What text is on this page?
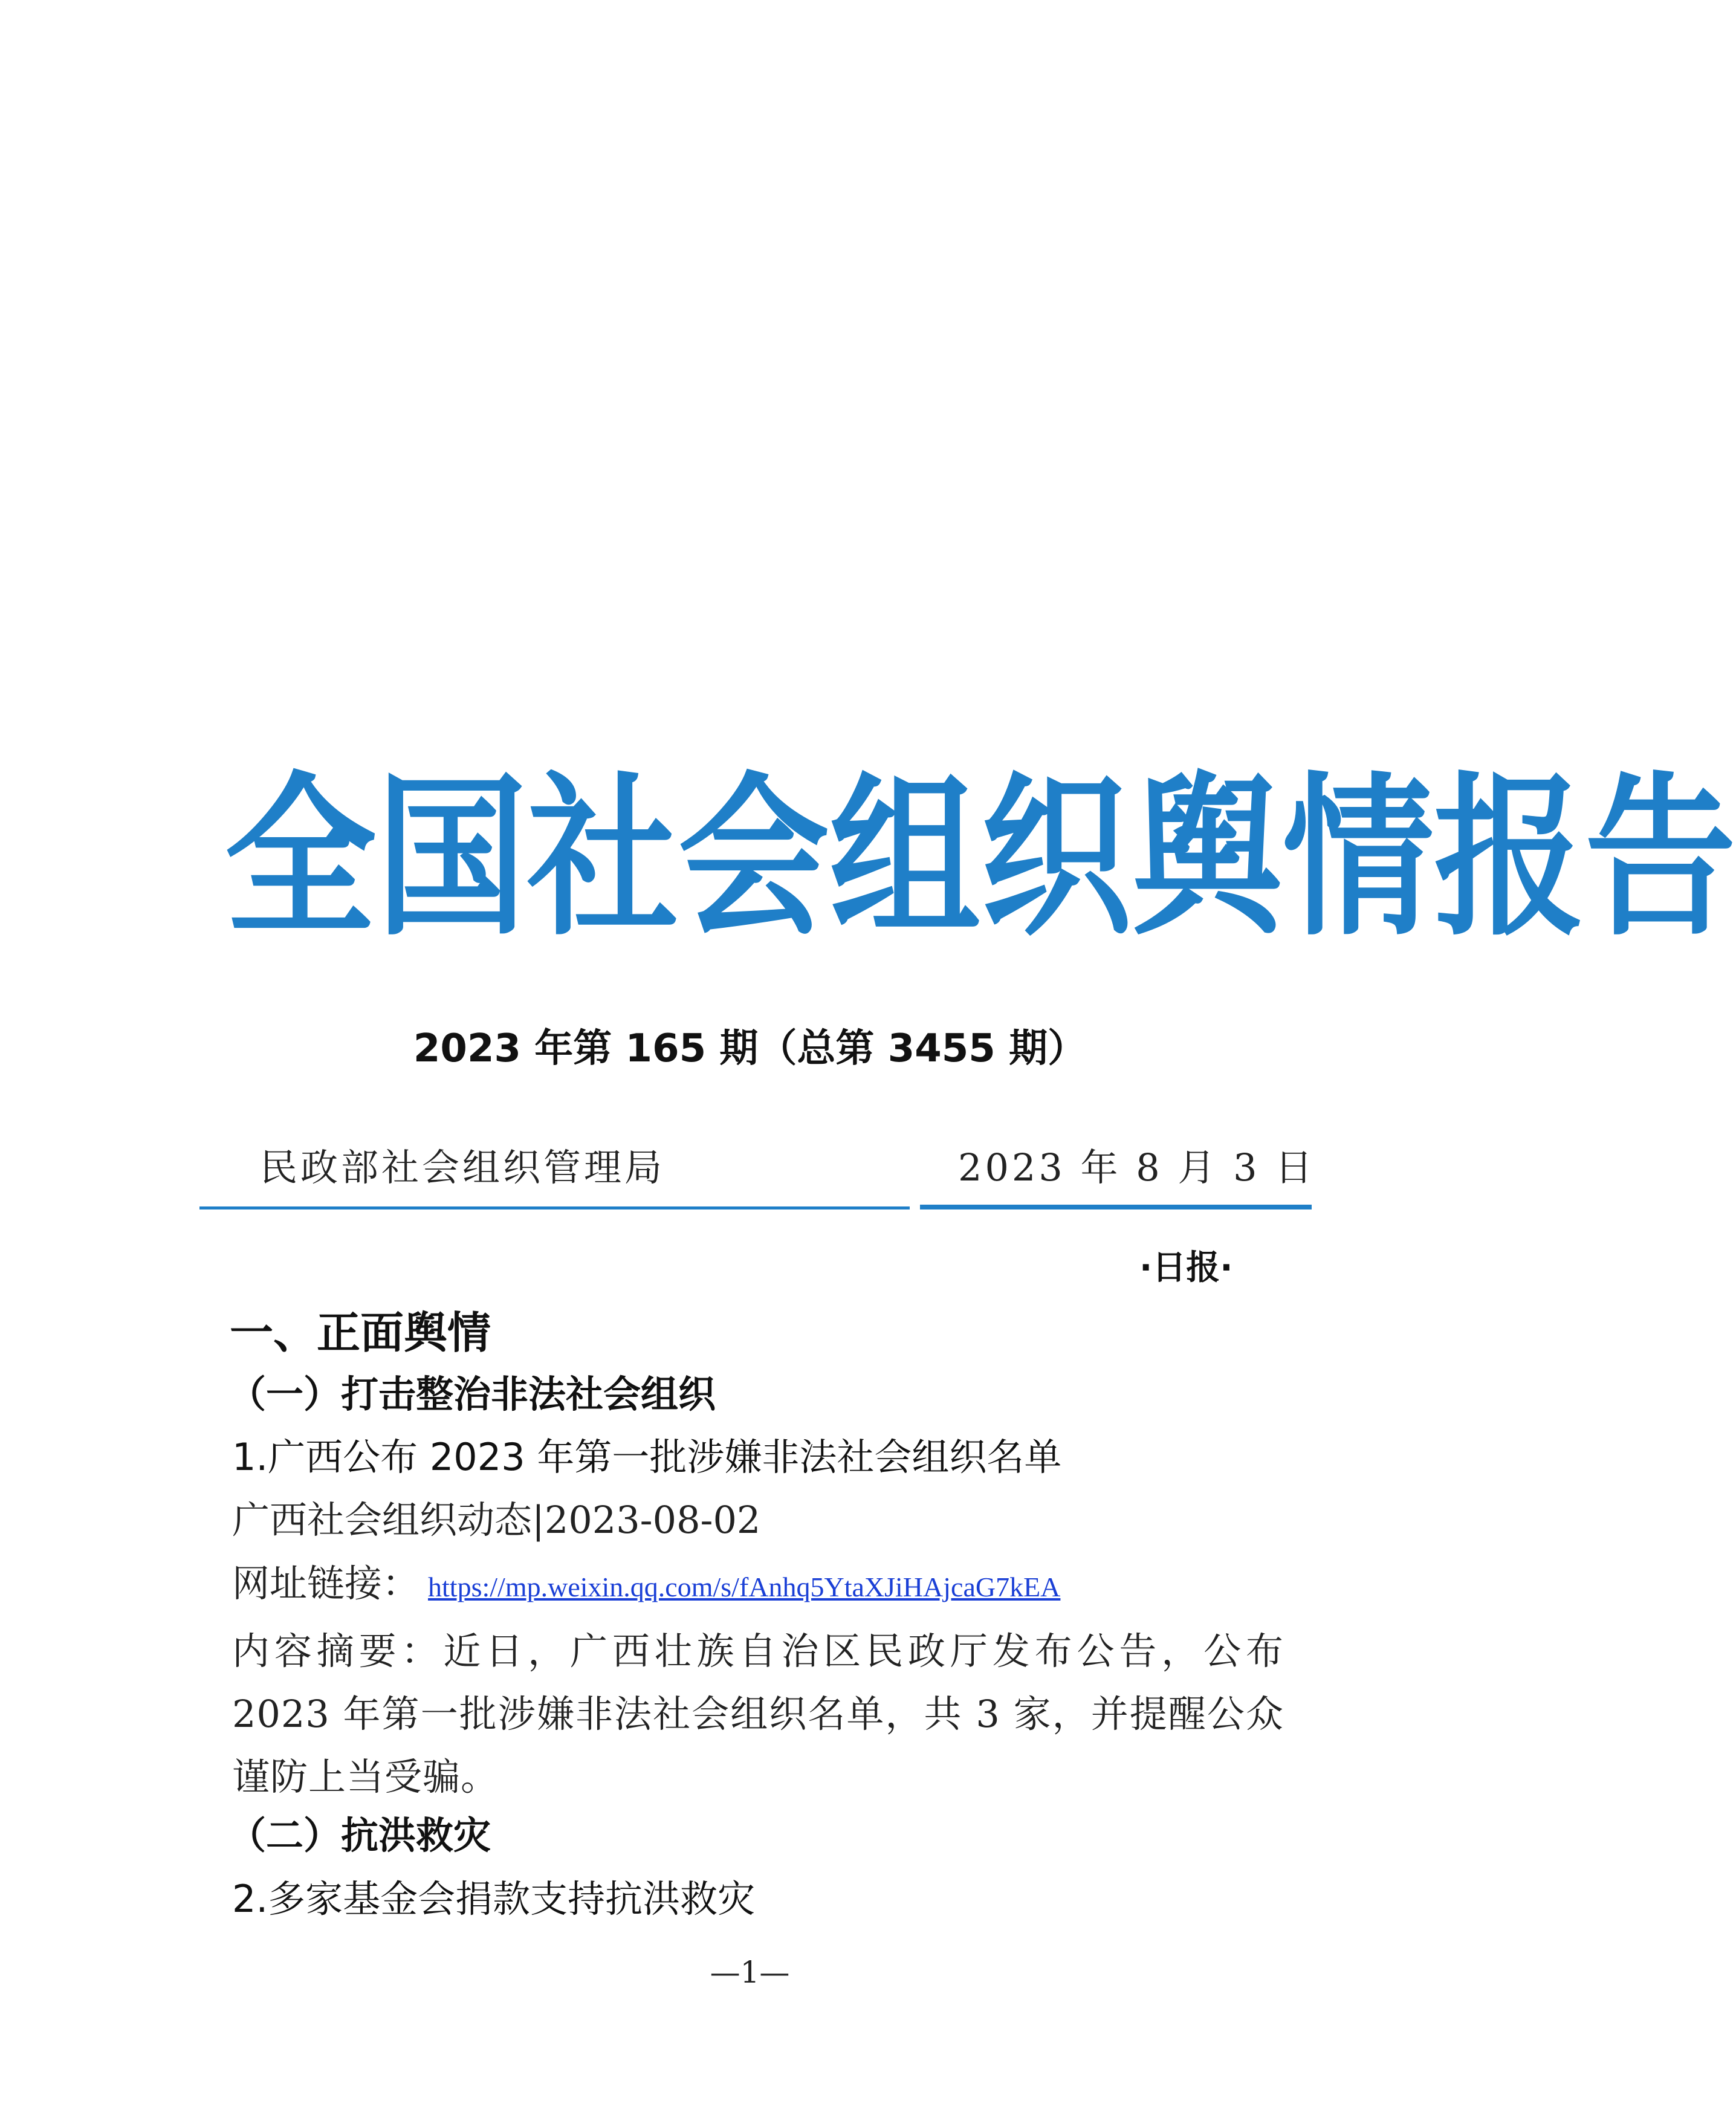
全 国 社 会 组 织 舆 情 报 告
2023 年第 165 期（总第 3455 期）
民政部社会组织管理局	2023 年 8 月 3 日
·日报·
一、正面舆情
（一）打击整治非法社会组织
1.广西公布 2023 年第一批涉嫌非法社会组织名单
广西社会组织动态|2023-08-02
网址链接： https://mp.weixin.qq.com/s/fAnhq5YtaXJiHAjcaG7kEA
内容摘要：近日，广西壮族自治区民政厅发布公告，公布 2023 年第一批涉嫌非法社会组织名单，共 3 家，并提醒公众谨防上当受骗。
（二）抗洪救灾
2.多家基金会捐款支持抗洪救灾
—1—
